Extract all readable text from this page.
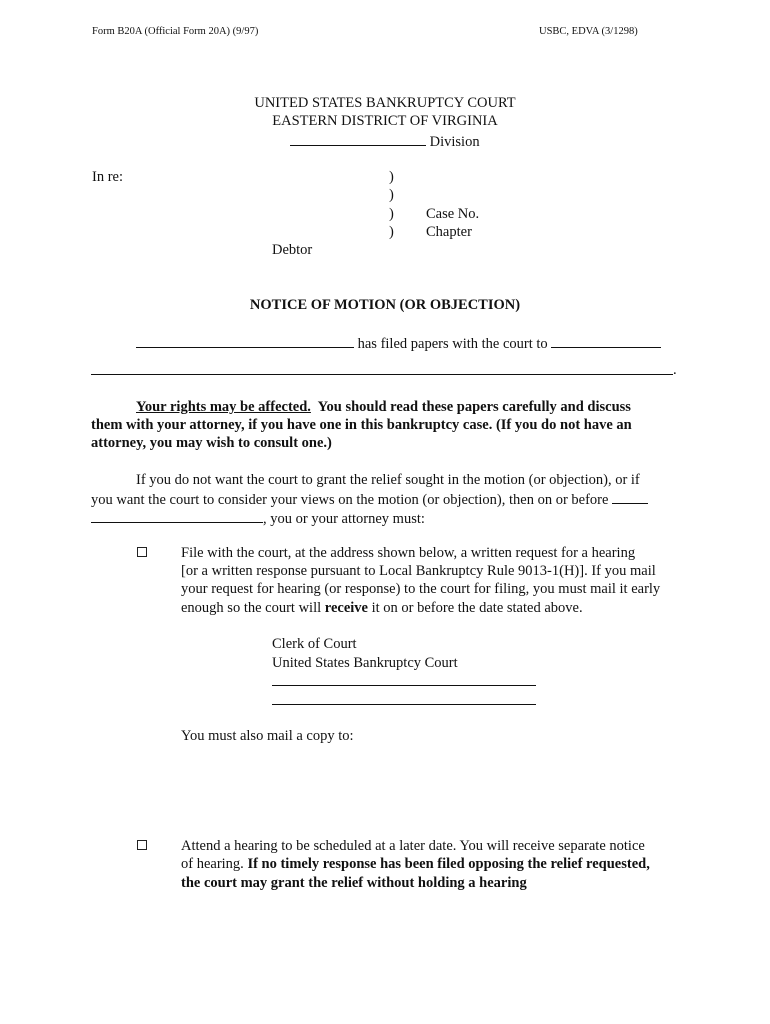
Form B20A (Official Form 20A) (9/97)	USBC, EDVA (3/1298)
UNITED STATES BANKRUPTCY COURT
EASTERN DISTRICT OF VIRGINIA
Division
In re:	)
)
)
)
Case No.
Chapter
Debtor
NOTICE OF MOTION (OR OBJECTION)
has filed papers with the court to
.
Your rights may be affected. You should read these papers carefully and discuss
them with your attorney, if you have one in this bankruptcy case. (If you do not have an
attorney, you may wish to consult one.)
If you do not want the court to grant the relief sought in the motion (or objection), or if
you want the court to consider your views on the motion (or objection), then on or before
, you or your attorney must:
File with the court, at the address shown below, a written request for a hearing
[or a written response pursuant to Local Bankruptcy Rule 9013-1(H)]. If you mail
your request for hearing (or response) to the court for filing, you must mail it early
enough so the court will receive it on or before the date stated above.
Clerk of Court
United States Bankruptcy Court
You must also mail a copy to:
Attend a hearing to be scheduled at a later date. You will receive separate notice
of hearing. If no timely response has been filed opposing the relief requested,
the court may grant the relief without holding a hearing
